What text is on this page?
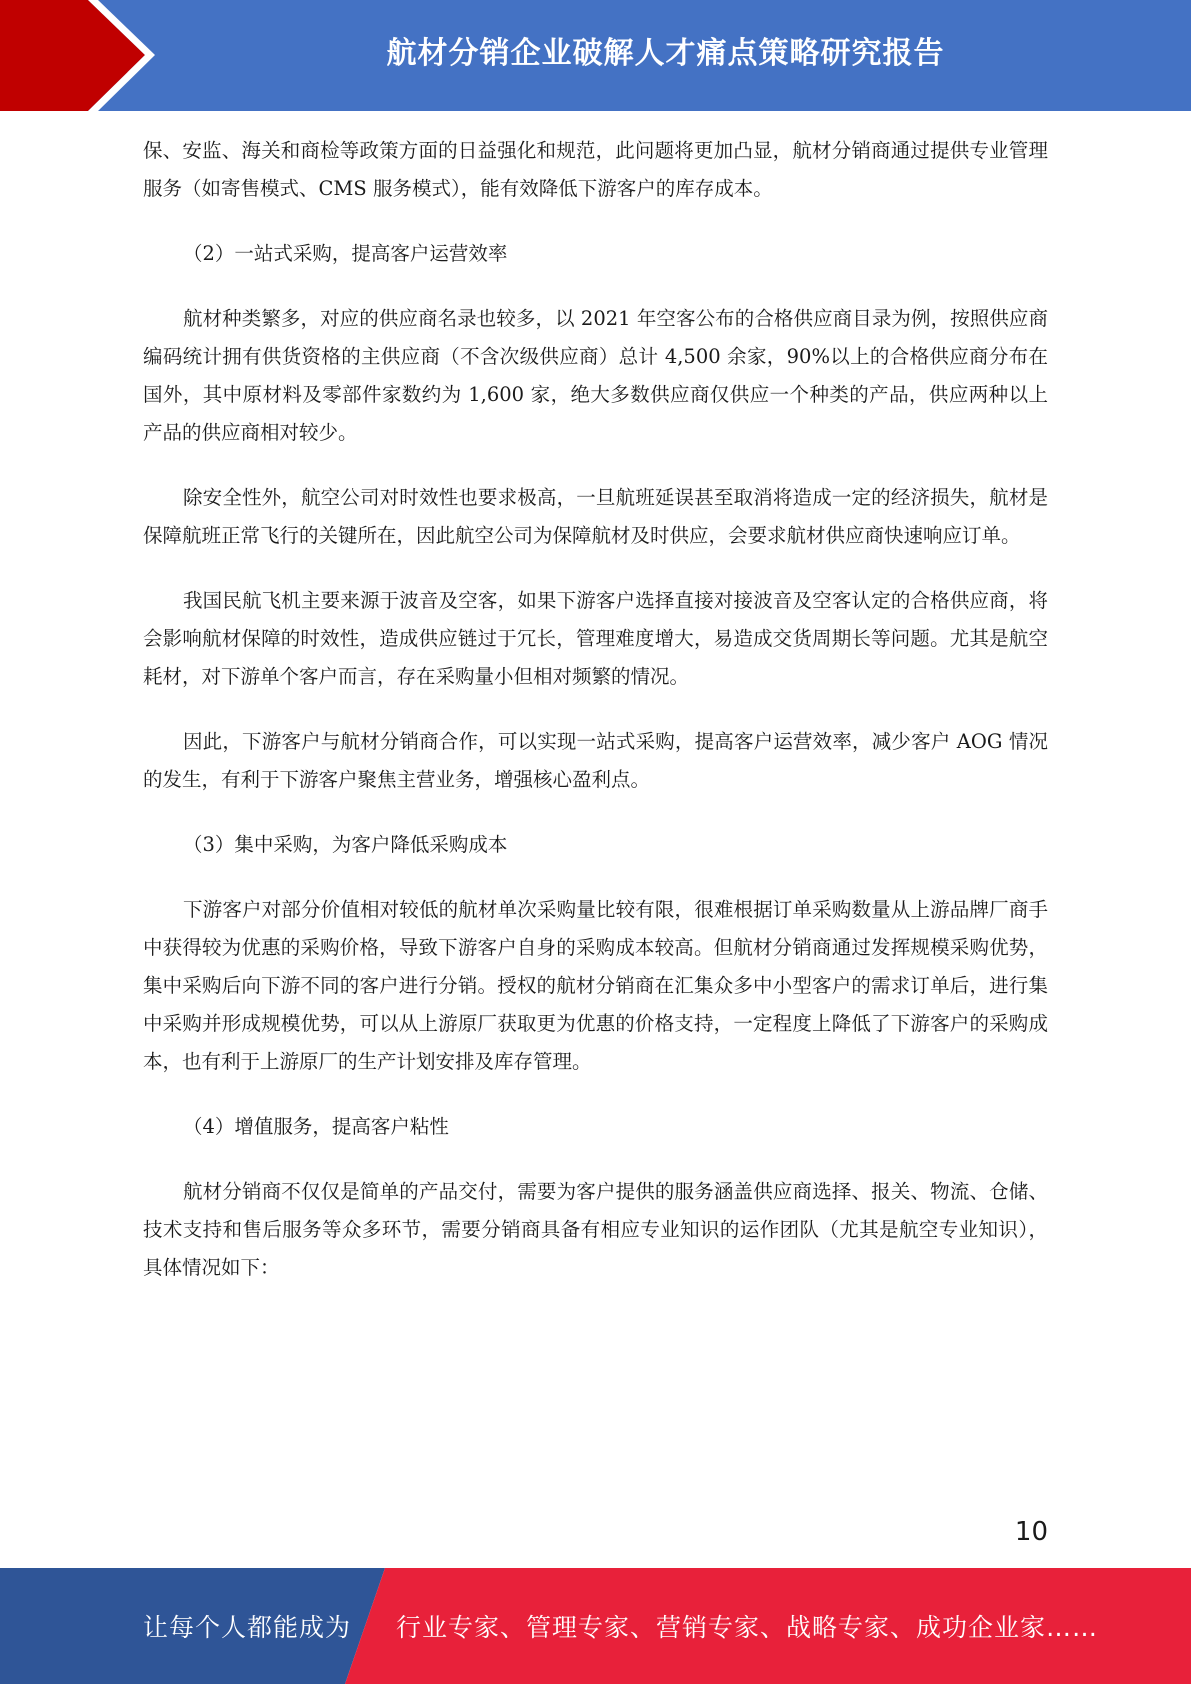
航材分销企业破解人才痛点策略研究报告

保、安监、海关和商检等政策方面的日益强化和规范，此问题将更加凸显，航材分销商通过提供专业管理服务（如寄售模式、CMS 服务模式），能有效降低下游客户的库存成本。

（2）一站式采购，提高客户运营效率

航材种类繁多，对应的供应商名录也较多，以 2021 年空客公布的合格供应商目录为例，按照供应商编码统计拥有供货资格的主供应商（不含次级供应商）总计 4,500 余家，90%以上的合格供应商分布在国外，其中原材料及零部件家数约为 1,600 家，绝大多数供应商仅供应一个种类的产品，供应两种以上产品的供应商相对较少。

除安全性外，航空公司对时效性也要求极高，一旦航班延误甚至取消将造成一定的经济损失，航材是保障航班正常飞行的关键所在，因此航空公司为保障航材及时供应，会要求航材供应商快速响应订单。

我国民航飞机主要来源于波音及空客，如果下游客户选择直接对接波音及空客认定的合格供应商，将会影响航材保障的时效性，造成供应链过于冗长，管理难度增大，易造成交货周期长等问题。尤其是航空耗材，对下游单个客户而言，存在采购量小但相对频繁的情况。

因此，下游客户与航材分销商合作，可以实现一站式采购，提高客户运营效率，减少客户 AOG 情况的发生，有利于下游客户聚焦主营业务，增强核心盈利点。

（3）集中采购，为客户降低采购成本

下游客户对部分价值相对较低的航材单次采购量比较有限，很难根据订单采购数量从上游品牌厂商手中获得较为优惠的采购价格，导致下游客户自身的采购成本较高。但航材分销商通过发挥规模采购优势，集中采购后向下游不同的客户进行分销。授权的航材分销商在汇集众多中小型客户的需求订单后，进行集中采购并形成规模优势，可以从上游原厂获取更为优惠的价格支持，一定程度上降低了下游客户的采购成本，也有利于上游原厂的生产计划安排及库存管理。

（4）增值服务，提高客户粘性

航材分销商不仅仅是简单的产品交付，需要为客户提供的服务涵盖供应商选择、报关、物流、仓储、技术支持和售后服务等众多环节，需要分销商具备有相应专业知识的运作团队（尤其是航空专业知识），具体情况如下：

10
让每个人都能成为 行业专家、管理专家、营销专家、战略专家、成功企业家……
